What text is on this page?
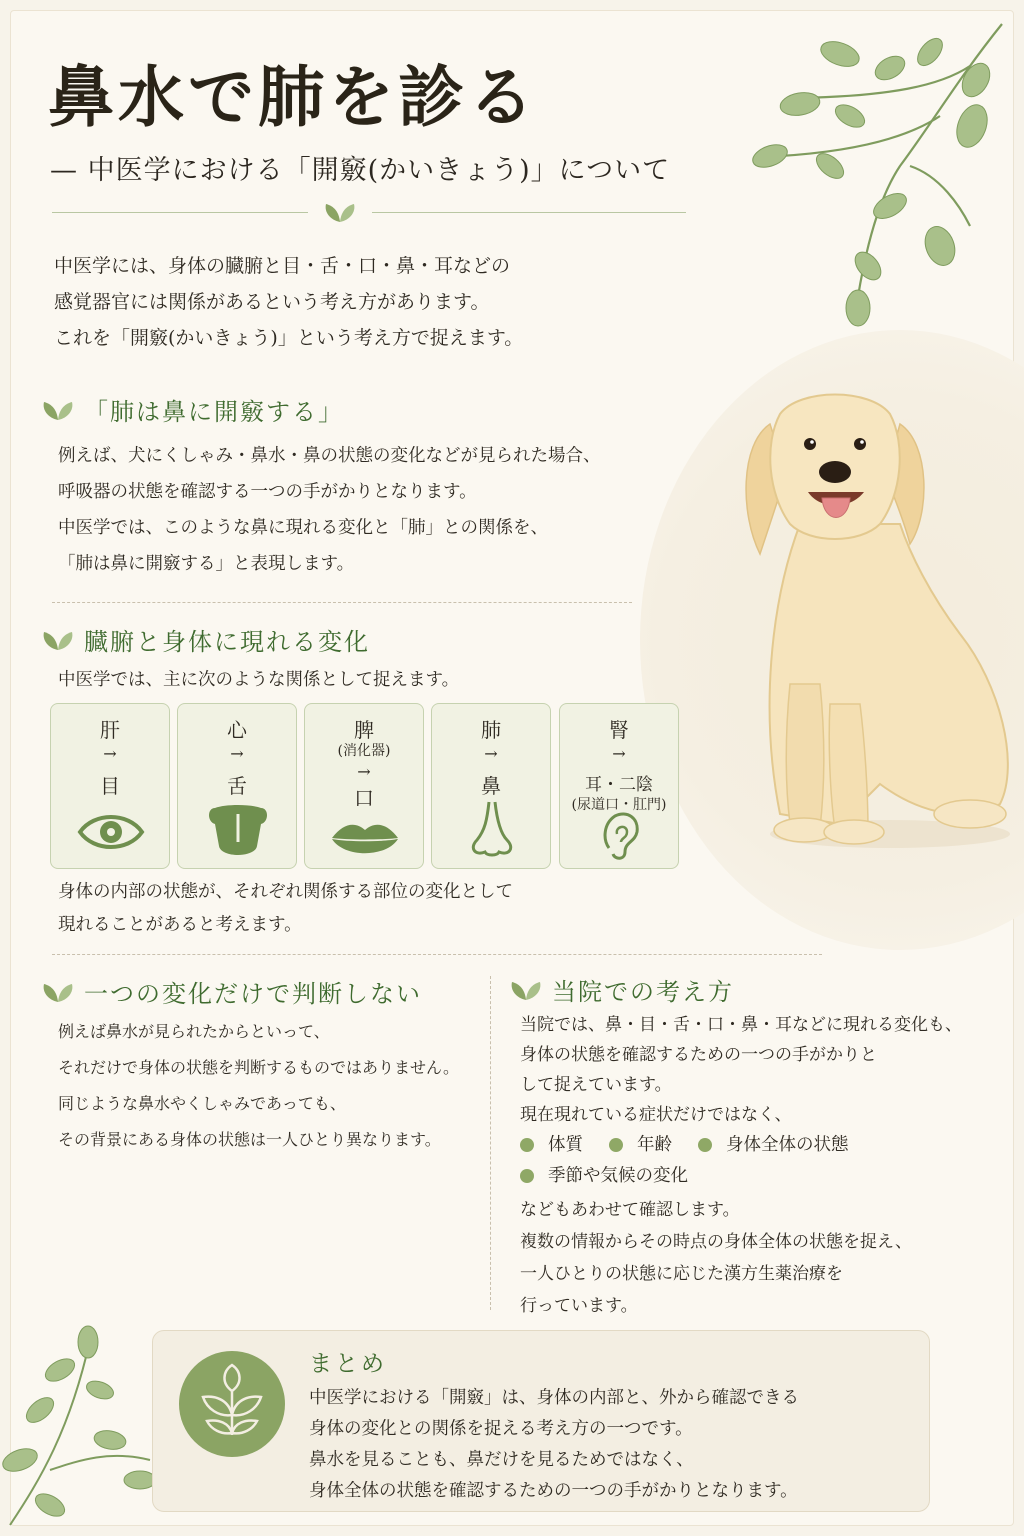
鼻水で肺を診る
— 中医学における「開竅(かいきょう)」について
中医学には、身体の臓腑と目・舌・口・鼻・耳などの
感覚器官には関係があるという考え方があります。
これを「開竅(かいきょう)」という考え方で捉えます。
「肺は鼻に開竅する」
例えば、犬にくしゃみ・鼻水・鼻の状態の変化などが見られた場合、
呼吸器の状態を確認する一つの手がかりとなります。
中医学では、このような鼻に現れる変化と「肺」との関係を、
「肺は鼻に開竅する」と表現します。
臓腑と身体に現れる変化
中医学では、主に次のような関係として捉えます。
肝
→
目
心
→
舌
脾
(消化器)
→
口
肺
→
鼻
腎
→
耳・二陰
(尿道口・肛門)
身体の内部の状態が、それぞれ関係する部位の変化として
現れることがあると考えます。
一つの変化だけで判断しない
例えば鼻水が見られたからといって、
それだけで身体の状態を判断するものではありません。
同じような鼻水やくしゃみであっても、
その背景にある身体の状態は一人ひとり異なります。
当院での考え方
当院では、鼻・目・舌・口・鼻・耳などに現れる変化も、
身体の状態を確認するための一つの手がかりと
して捉えています。
現在現れている症状だけではなく、
体質	年齢	身体全体の状態
季節や気候の変化
などもあわせて確認します。
複数の情報からその時点の身体全体の状態を捉え、
一人ひとりの状態に応じた漢方生薬治療を
行っています。
まとめ
中医学における「開竅」は、身体の内部と、外から確認できる
身体の変化との関係を捉える考え方の一つです。
鼻水を見ることも、鼻だけを見るためではなく、
身体全体の状態を確認するための一つの手がかりとなります。
